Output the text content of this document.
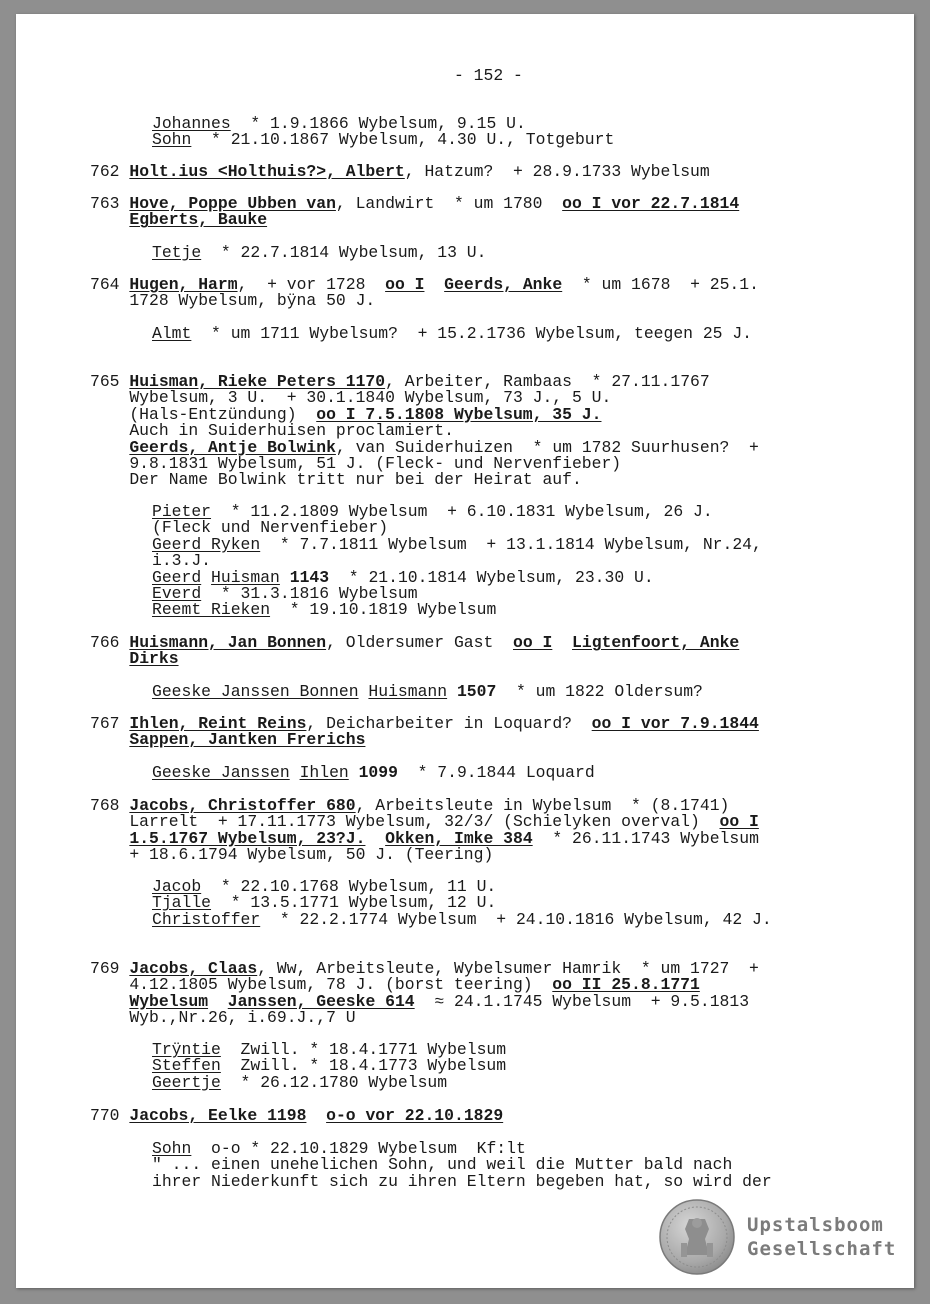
- 152 -

Johannes  * 1.9.1866 Wybelsum, 9.15 U.
Sohn  * 21.10.1867 Wybelsum, 4.30 U., Totgeburt

762 Holt.ius <Holthuis?>, Albert, Hatzum?  + 28.9.1733 Wybelsum

763 Hove, Poppe Ubben van, Landwirt  * um 1780  oo I vor 22.7.1814
Egberts, Bauke

Tetje  * 22.7.1814 Wybelsum, 13 U.

764 Hugen, Harm,  + vor 1728  oo I Geerds, Anke  * um 1678  + 25.1.
1728 Wybelsum, bÿna 50 J.

Almt  * um 1711 Wybelsum?  + 15.2.1736 Wybelsum, teegen 25 J.

765 Huisman, Rieke Peters 1170, Arbeiter, Rambaas  * 27.11.1767
Wybelsum, 3 U.  + 30.1.1840 Wybelsum, 73 J., 5 U.
(Hals-Entzündung)  oo I 7.5.1808 Wybelsum, 35 J.
Auch in Suiderhuisen proclamiert.
Geerds, Antje Bolwink, van Suiderhuizen  * um 1782 Suurhusen?  +
9.8.1831 Wybelsum, 51 J. (Fleck- und Nervenfieber)
Der Name Bolwink tritt nur bei der Heirat auf.

Pieter  * 11.2.1809 Wybelsum  + 6.10.1831 Wybelsum, 26 J.
(Fleck und Nervenfieber)
Geerd Ryken  * 7.7.1811 Wybelsum  + 13.1.1814 Wybelsum, Nr.24,
i.3.J.
Geerd Huisman 1143  * 21.10.1814 Wybelsum, 23.30 U.
Everd  * 31.3.1816 Wybelsum
Reemt Rieken  * 19.10.1819 Wybelsum

766 Huismann, Jan Bonnen, Oldersumer Gast  oo I Ligtenfoort, Anke
Dirks

Geeske Janssen Bonnen Huismann 1507  * um 1822 Oldersum?

767 Ihlen, Reint Reins, Deicharbeiter in Loquard?  oo I vor 7.9.1844
Sappen, Jantken Frerichs

Geeske Janssen Ihlen 1099  * 7.9.1844 Loquard

768 Jacobs, Christoffer 680, Arbeitsleute in Wybelsum  * (8.1741)
Larrelt  + 17.11.1773 Wybelsum, 32/3/ (Schielyken overval)  oo I
1.5.1767 Wybelsum, 23?J. Okken, Imke 384  * 26.11.1743 Wybelsum
+ 18.6.1794 Wybelsum, 50 J. (Teering)

Jacob  * 22.10.1768 Wybelsum, 11 U.
Tjalle  * 13.5.1771 Wybelsum, 12 U.
Christoffer  * 22.2.1774 Wybelsum  + 24.10.1816 Wybelsum, 42 J.

769 Jacobs, Claas, Ww, Arbeitsleute, Wybelsumer Hamrik  * um 1727  +
4.12.1805 Wybelsum, 78 J. (borst teering)  oo II 25.8.1771
Wybelsum Janssen, Geeske 614  ≈ 24.1.1745 Wybelsum  + 9.5.1813
Wyb.,Nr.26, i.69.J.,7 U

Trÿntie  Zwill. * 18.4.1771 Wybelsum
Steffen  Zwill. * 18.4.1773 Wybelsum
Geertje  * 26.12.1780 Wybelsum

770 Jacobs, Eelke 1198 o-o vor 22.10.1829

Sohn  o-o * 22.10.1829 Wybelsum  Kf:lt
" ... einen unehelichen Sohn, und weil die Mutter bald nach
ihrer Niederkunft sich zu ihren Eltern begeben hat, so wird der

Upstalsboom
Gesellschaft
